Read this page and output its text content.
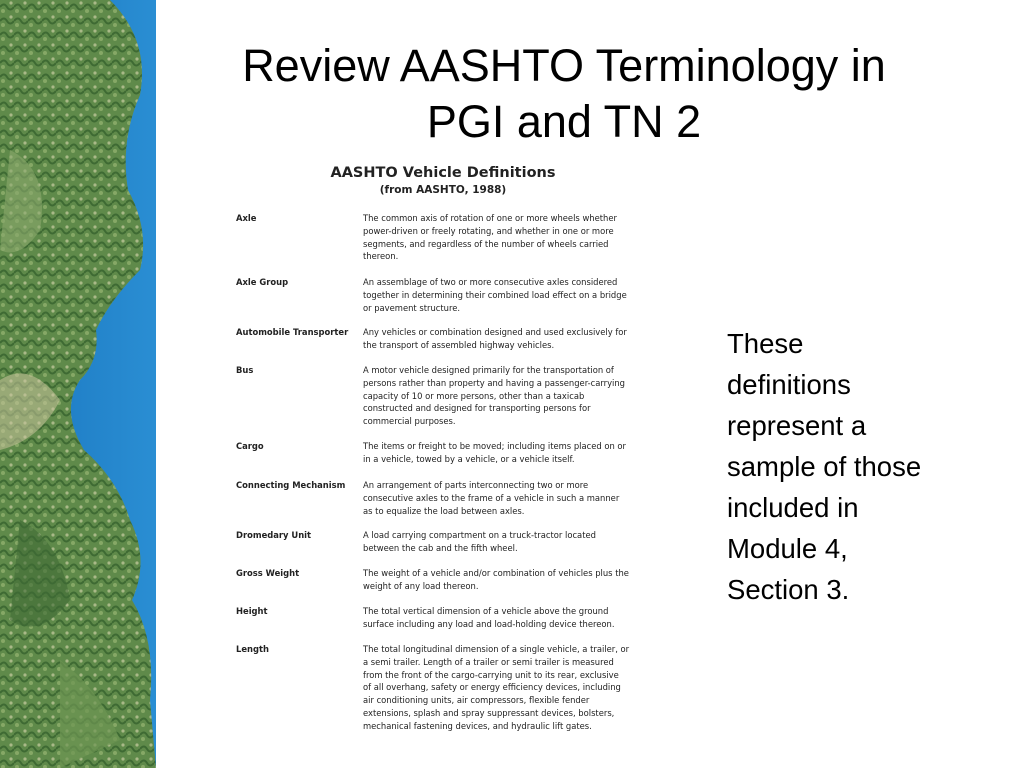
Review AASHTO Terminology in
PGI and TN 2
AASHTO Vehicle Definitions
(from AASHTO, 1988)
Axle	The common axis of rotation of one or more wheels whether
power-driven or freely rotating, and whether in one or more
segments, and regardless of the number of wheels carried
thereon.
Axle Group	An assemblage of two or more consecutive axles considered
together in determining their combined load effect on a bridge
or pavement structure.
Automobile Transporter	Any vehicles or combination designed and used exclusively for
the transport of assembled highway vehicles.
Bus	A motor vehicle designed primarily for the transportation of
persons rather than property and having a passenger-carrying
capacity of 10 or more persons, other than a taxicab
constructed and designed for transporting persons for
commercial purposes.
Cargo	The items or freight to be moved; including items placed on or
in a vehicle, towed by a vehicle, or a vehicle itself.
Connecting Mechanism	An arrangement of parts interconnecting two or more
consecutive axles to the frame of a vehicle in such a manner
as to equalize the load between axles.
Dromedary Unit	A load carrying compartment on a truck-tractor located
between the cab and the fifth wheel.
Gross Weight	The weight of a vehicle and/or combination of vehicles plus the
weight of any load thereon.
Height	The total vertical dimension of a vehicle above the ground
surface including any load and load-holding device thereon.
Length	The total longitudinal dimension of a single vehicle, a trailer, or
a semi trailer. Length of a trailer or semi trailer is measured
from the front of the cargo-carrying unit to its rear, exclusive
of all overhang, safety or energy efficiency devices, including
air conditioning units, air compressors, flexible fender
extensions, splash and spray suppressant devices, bolsters,
mechanical fastening devices, and hydraulic lift gates.
These
definitions
represent a
sample of those
included in
Module 4,
Section 3.
